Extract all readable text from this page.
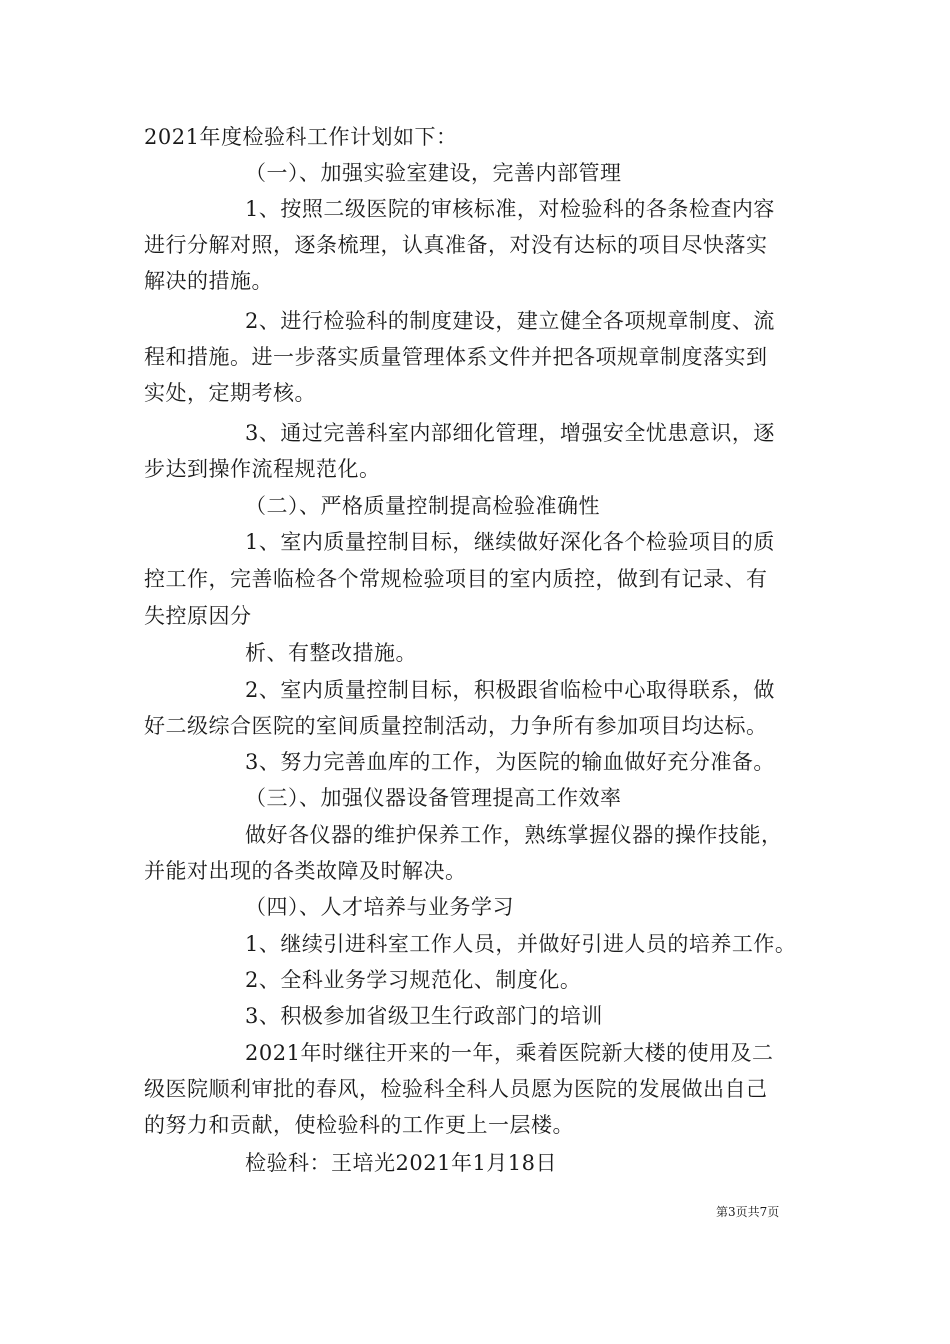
2021年度检验科工作计划如下：
（一）、加强实验室建设，完善内部管理
1、按照二级医院的审核标准，对检验科的各条检查内容
进行分解对照，逐条梳理，认真准备，对没有达标的项目尽快落实
解决的措施。
2、进行检验科的制度建设，建立健全各项规章制度、流
程和措施。进一步落实质量管理体系文件并把各项规章制度落实到
实处，定期考核。
3、通过完善科室内部细化管理，增强安全忧患意识，逐
步达到操作流程规范化。
（二）、严格质量控制提高检验准确性
1、室内质量控制目标，继续做好深化各个检验项目的质
控工作，完善临检各个常规检验项目的室内质控，做到有记录、有
失控原因分
析、有整改措施。
2、室内质量控制目标，积极跟省临检中心取得联系，做
好二级综合医院的室间质量控制活动，力争所有参加项目均达标。
3、努力完善血库的工作，为医院的输血做好充分准备。
（三）、加强仪器设备管理提高工作效率
做好各仪器的维护保养工作，熟练掌握仪器的操作技能，
并能对出现的各类故障及时解决。
（四）、人才培养与业务学习
1、继续引进科室工作人员，并做好引进人员的培养工作。
2、全科业务学习规范化、制度化。
3、积极参加省级卫生行政部门的培训
2021年时继往开来的一年，乘着医院新大楼的使用及二
级医院顺利审批的春风，检验科全科人员愿为医院的发展做出自己
的努力和贡献，使检验科的工作更上一层楼。
检验科：王培光2021年1月18日
第3页共7页
